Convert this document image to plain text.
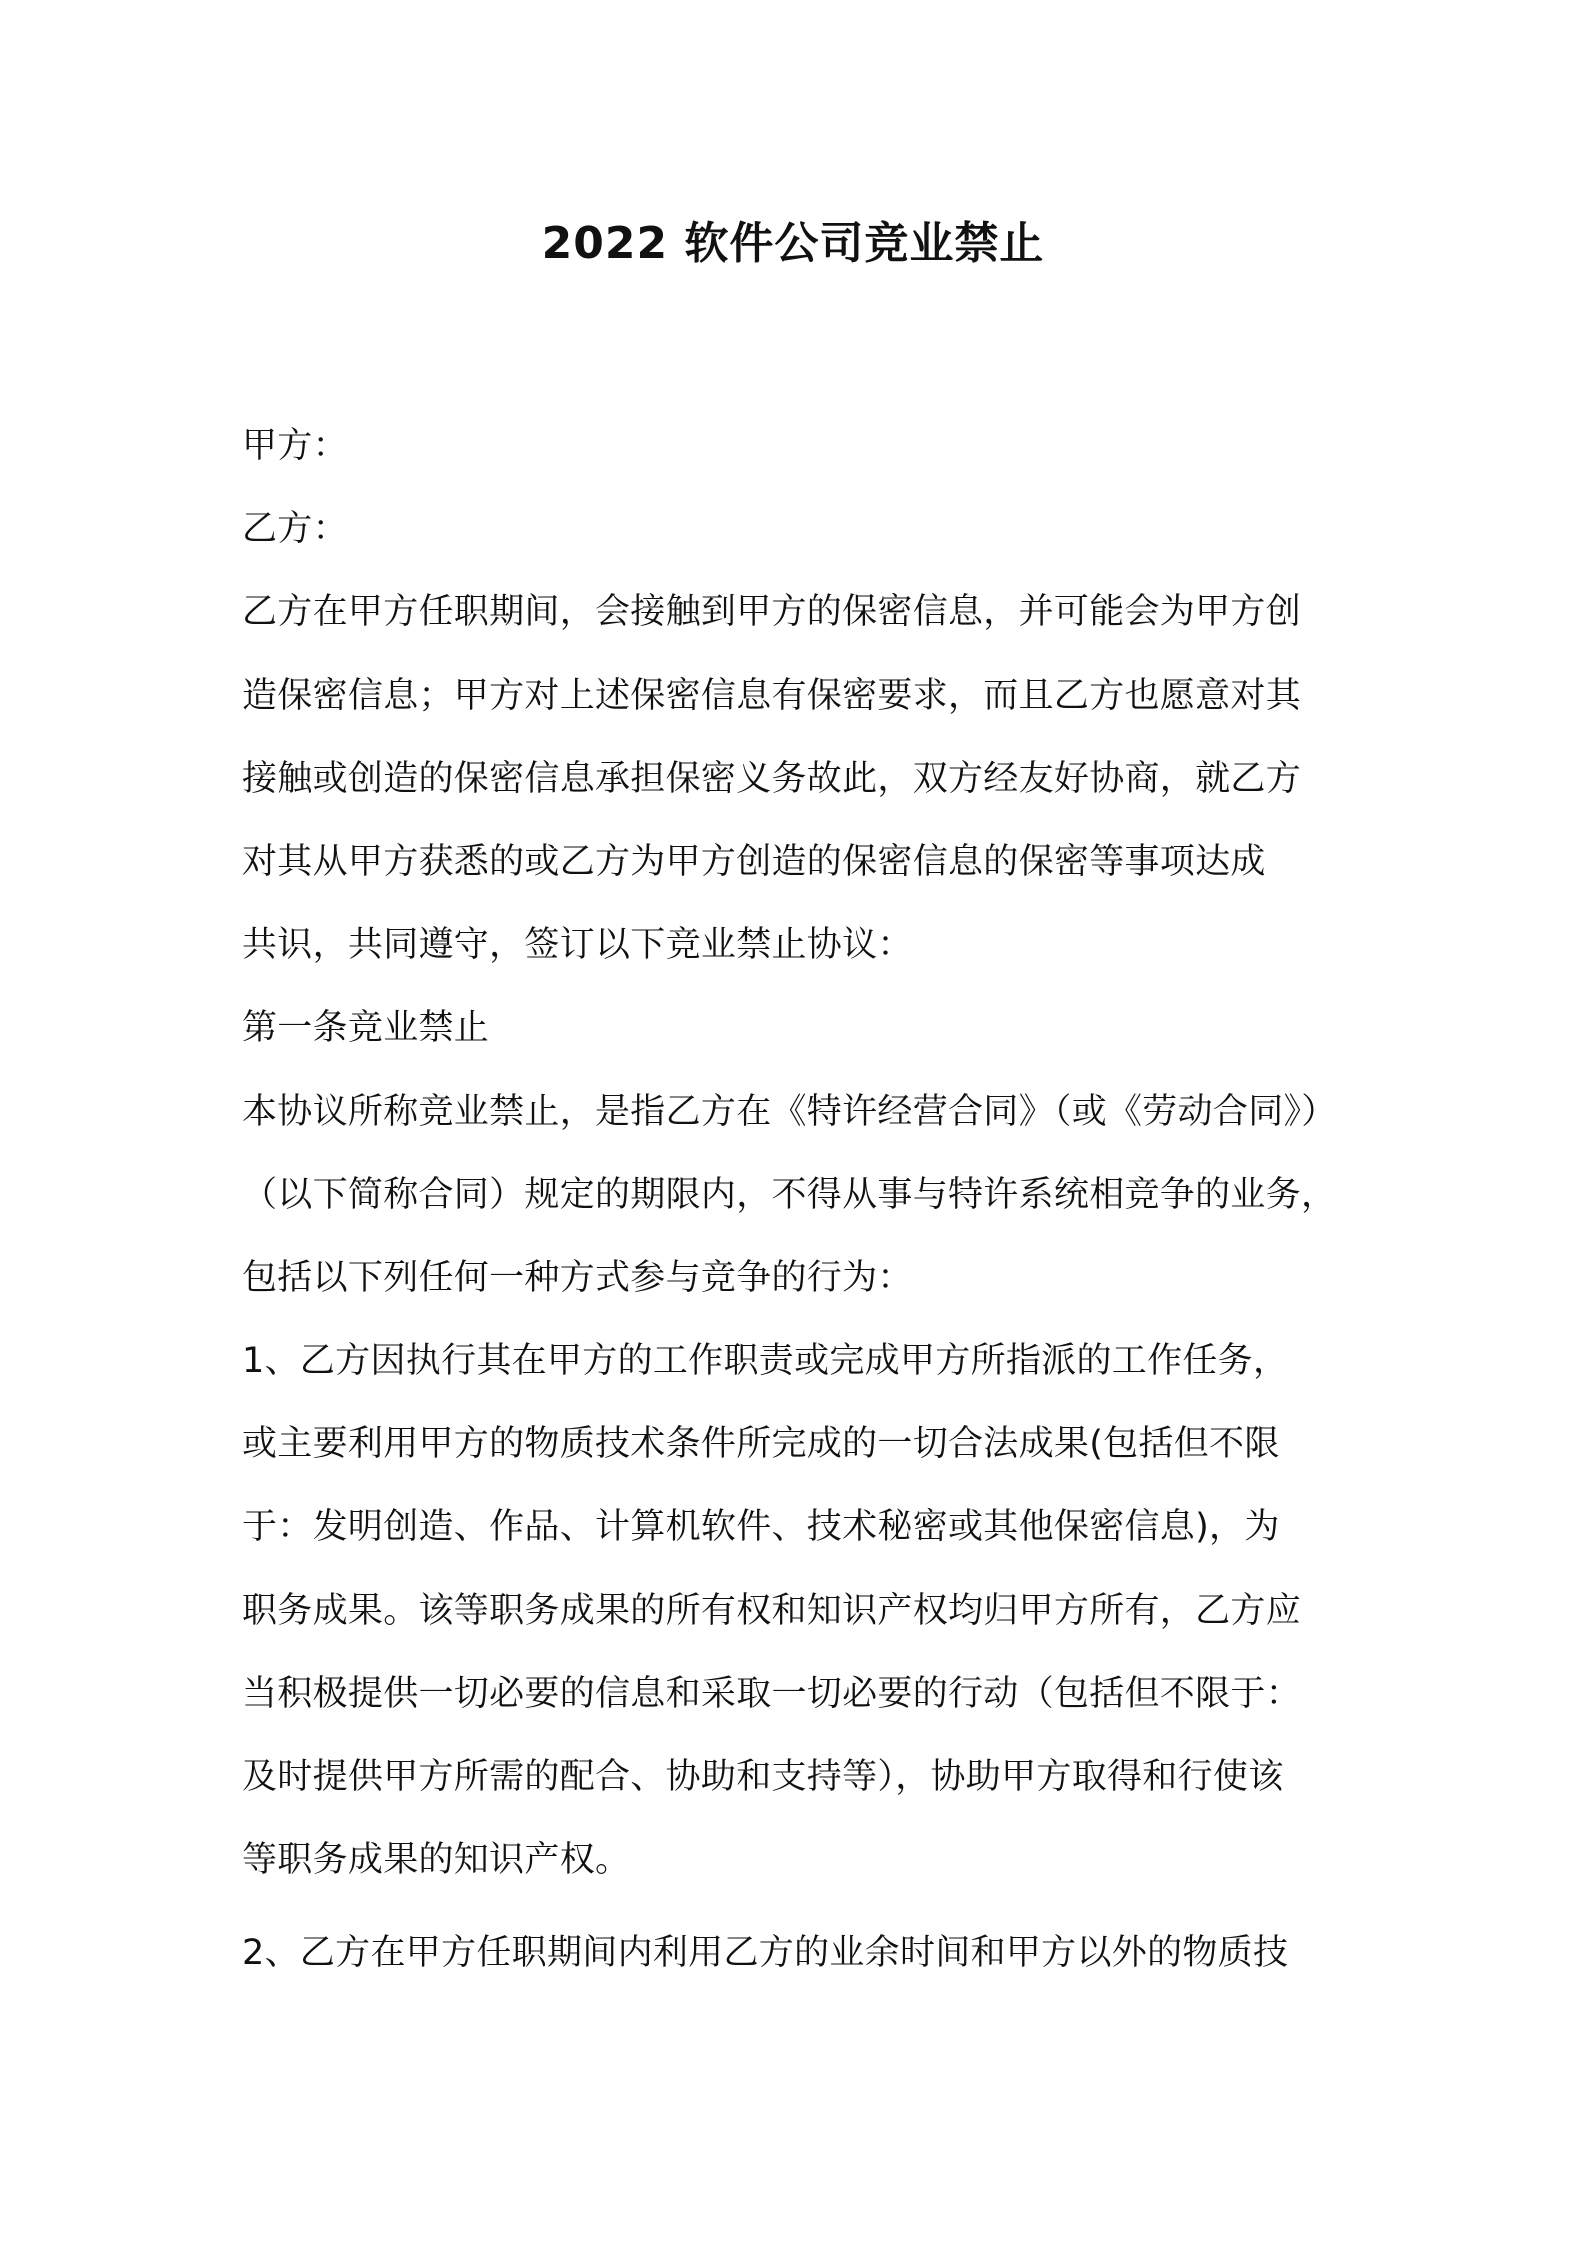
2022 软件公司竞业禁止
甲方：
乙方：
乙方在甲方任职期间，会接触到甲方的保密信息，并可能会为甲方创
造保密信息；甲方对上述保密信息有保密要求，而且乙方也愿意对其
接触或创造的保密信息承担保密义务故此，双方经友好协商，就乙方
对其从甲方获悉的或乙方为甲方创造的保密信息的保密等事项达成
共识，共同遵守，签订以下竞业禁止协议：
第一条竞业禁止
本协议所称竞业禁止，是指乙方在《特许经营合同》（或《劳动合同》）
（以下简称合同）规定的期限内，不得从事与特许系统相竞争的业务，
包括以下列任何一种方式参与竞争的行为：
1、乙方因执行其在甲方的工作职责或完成甲方所指派的工作任务，
或主要利用甲方的物质技术条件所完成的一切合法成果(包括但不限
于：发明创造、作品、计算机软件、技术秘密或其他保密信息)，为
职务成果。该等职务成果的所有权和知识产权均归甲方所有，乙方应
当积极提供一切必要的信息和采取一切必要的行动（包括但不限于：
及时提供甲方所需的配合、协助和支持等），协助甲方取得和行使该
等职务成果的知识产权。
2、乙方在甲方任职期间内利用乙方的业余时间和甲方以外的物质技
